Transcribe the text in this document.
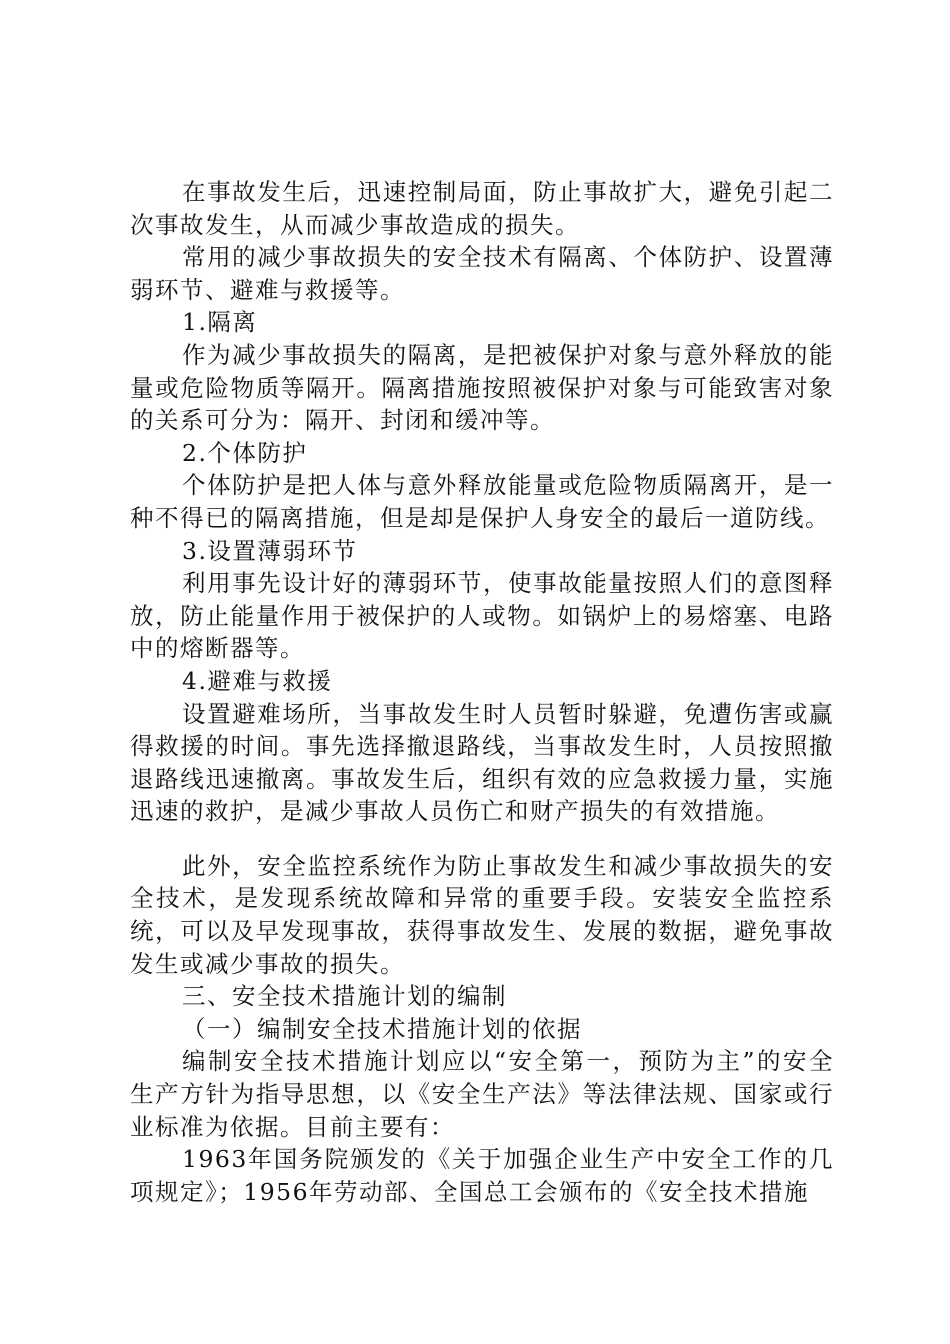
在事故发生后，迅速控制局面，防止事故扩大，避免引起二次事故发生，从而减少事故造成的损失。

常用的减少事故损失的安全技术有隔离、个体防护、设置薄弱环节、避难与救援等。

1.隔离

作为减少事故损失的隔离，是把被保护对象与意外释放的能量或危险物质等隔开。隔离措施按照被保护对象与可能致害对象的关系可分为：隔开、封闭和缓冲等。

2.个体防护

个体防护是把人体与意外释放能量或危险物质隔离开，是一种不得已的隔离措施，但是却是保护人身安全的最后一道防线。

3.设置薄弱环节

利用事先设计好的薄弱环节，使事故能量按照人们的意图释放，防止能量作用于被保护的人或物。如锅炉上的易熔塞、电路中的熔断器等。

4.避难与救援

设置避难场所，当事故发生时人员暂时躲避，免遭伤害或赢得救援的时间。事先选择撤退路线，当事故发生时，人员按照撤退路线迅速撤离。事故发生后，组织有效的应急救援力量，实施迅速的救护，是减少事故人员伤亡和财产损失的有效措施。

此外，安全监控系统作为防止事故发生和减少事故损失的安全技术，是发现系统故障和异常的重要手段。安装安全监控系统，可以及早发现事故，获得事故发生、发展的数据，避免事故发生或减少事故的损失。

三、安全技术措施计划的编制

（一）编制安全技术措施计划的依据

编制安全技术措施计划应以“安全第一，预防为主”的安全生产方针为指导思想，以《安全生产法》等法律法规、国家或行业标准为依据。目前主要有：

1963年国务院颁发的《关于加强企业生产中安全工作的几项规定》；1956年劳动部、全国总工会颁布的《安全技术措施
